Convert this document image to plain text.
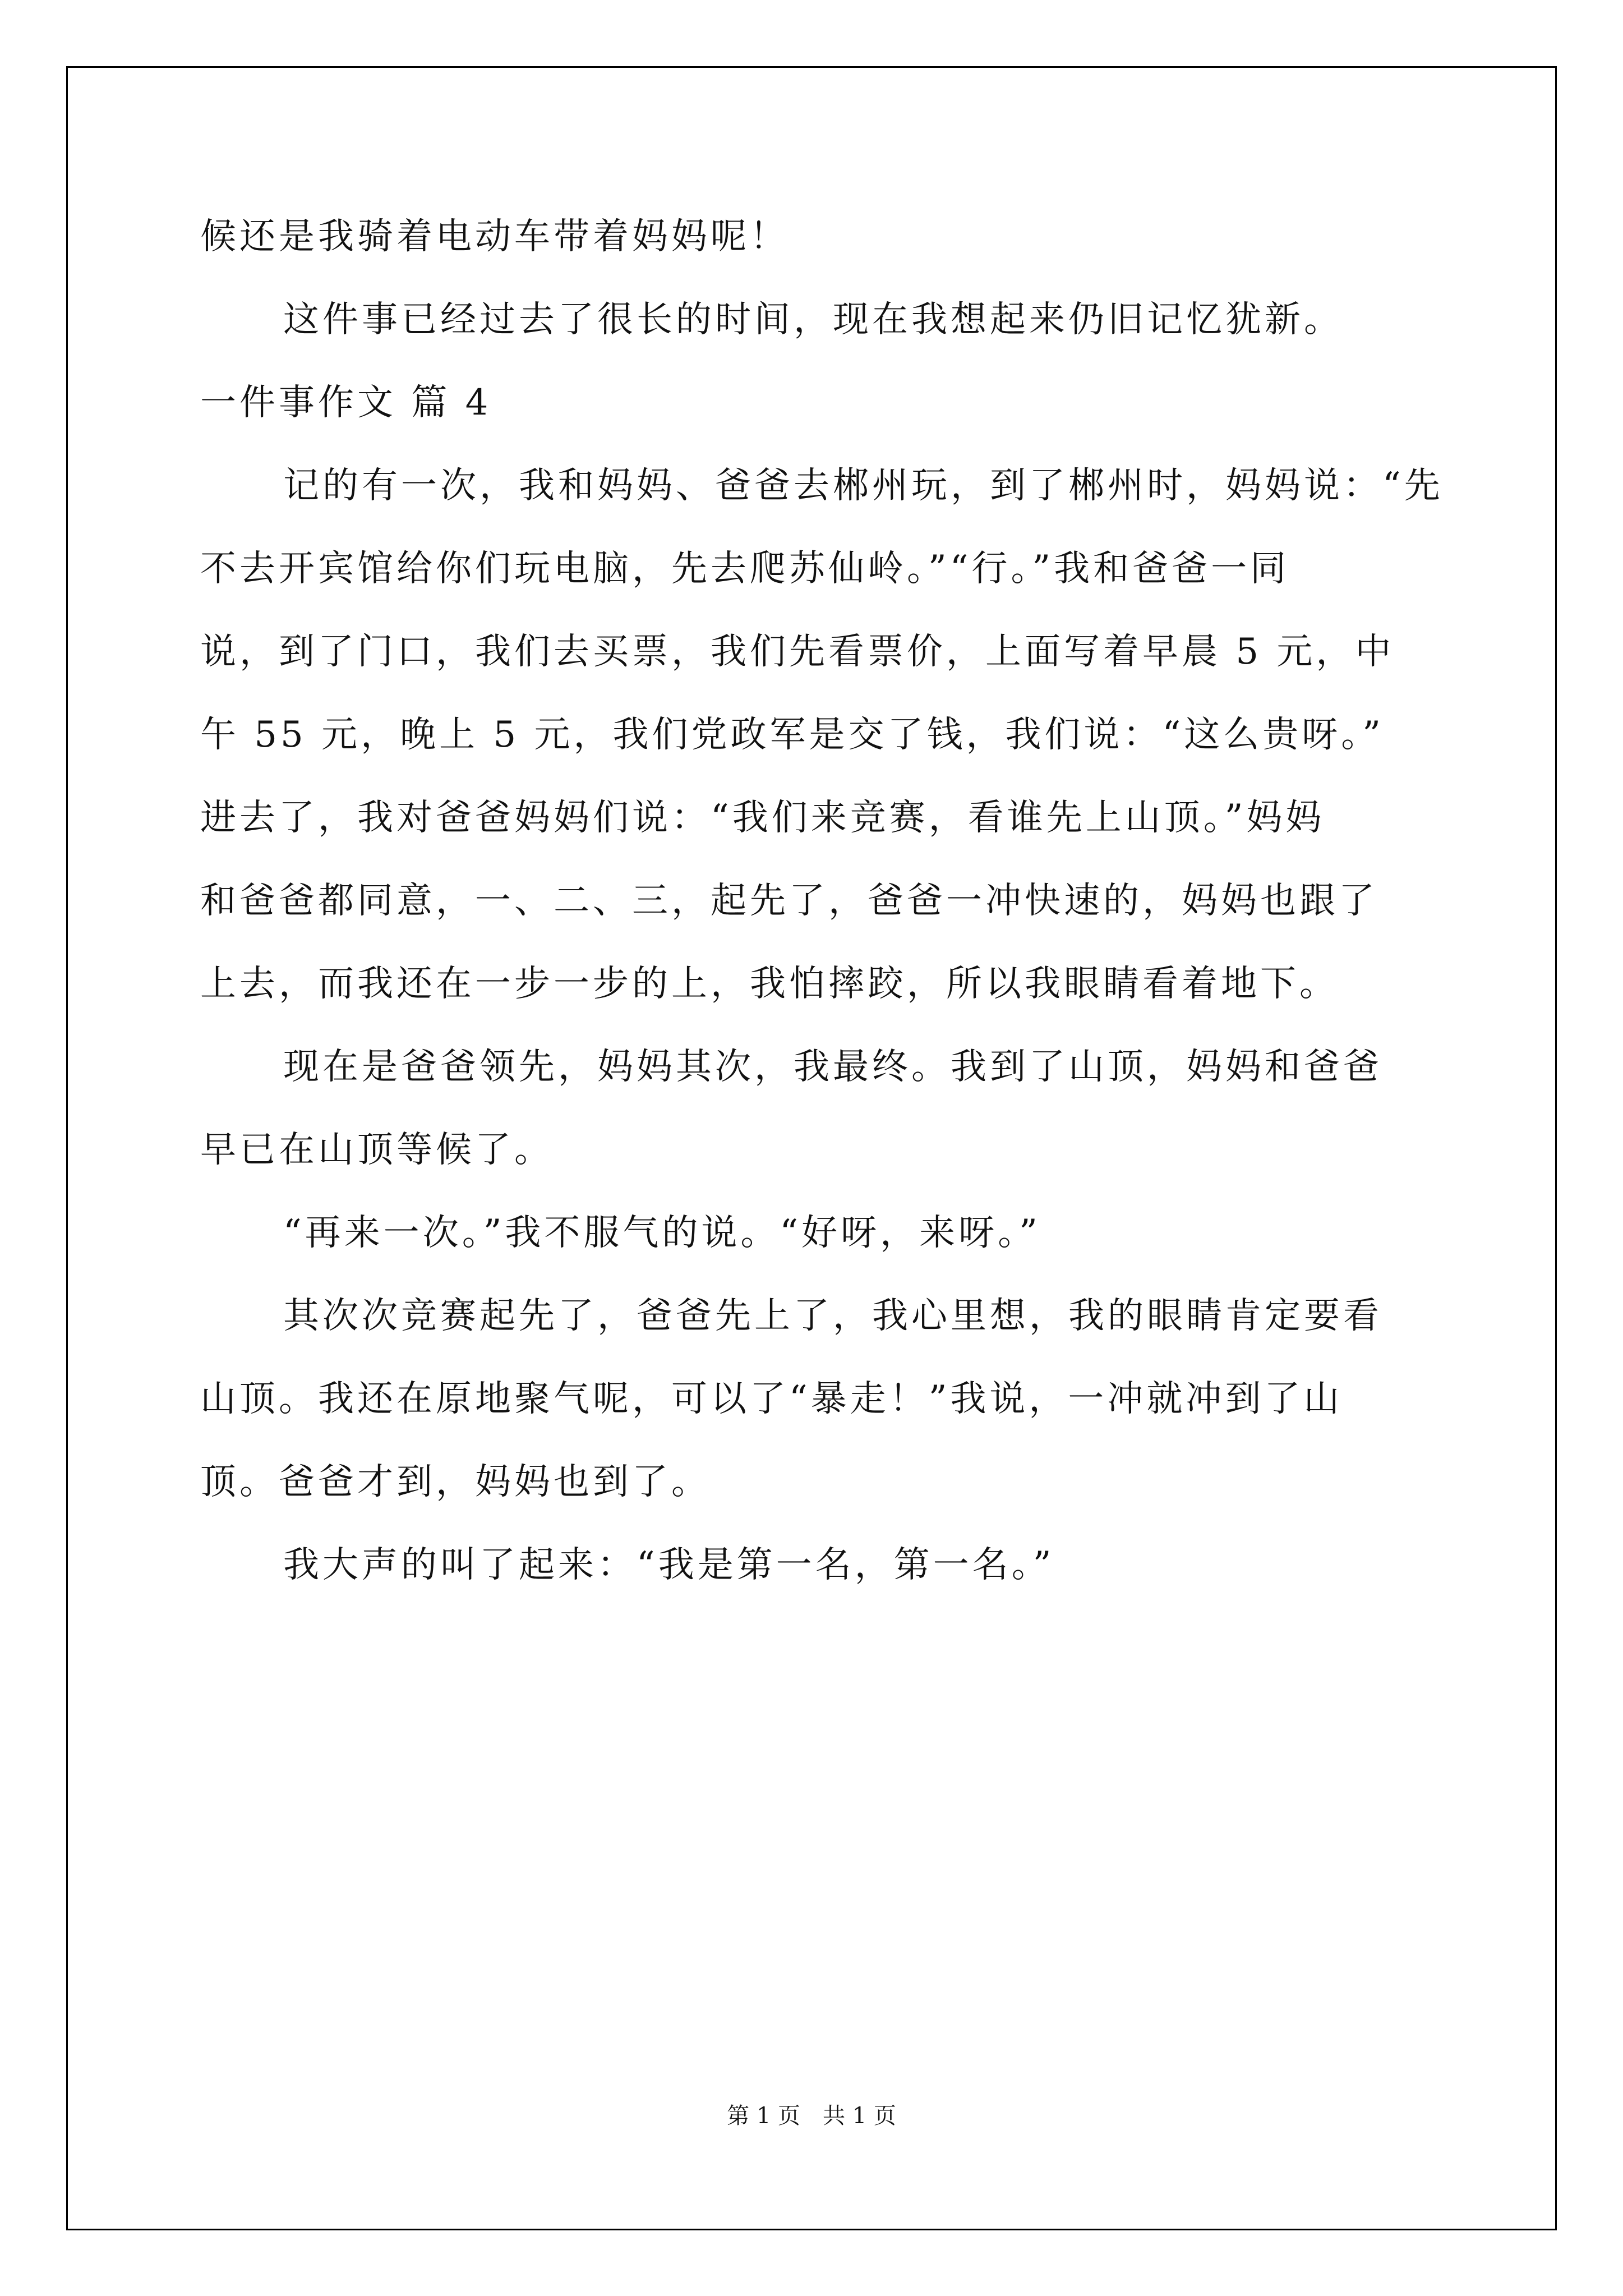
候还是我骑着电动车带着妈妈呢！
这件事已经过去了很长的时间，现在我想起来仍旧记忆犹新。
一件事作文 篇 4
记的有一次，我和妈妈、爸爸去郴州玩，到了郴州时，妈妈说：“先
不去开宾馆给你们玩电脑，先去爬苏仙岭。”“行。”我和爸爸一同
说，到了门口，我们去买票，我们先看票价，上面写着早晨 5 元，中
午 55 元，晚上 5 元，我们党政军是交了钱，我们说：“这么贵呀。”
进去了，我对爸爸妈妈们说：“我们来竞赛，看谁先上山顶。”妈妈
和爸爸都同意，一、二、三，起先了，爸爸一冲快速的，妈妈也跟了
上去，而我还在一步一步的上，我怕摔跤，所以我眼睛看着地下。
现在是爸爸领先，妈妈其次，我最终。我到了山顶，妈妈和爸爸
早已在山顶等候了。
“再来一次。”我不服气的说。“好呀，来呀。”
其次次竞赛起先了，爸爸先上了，我心里想，我的眼睛肯定要看
山顶。我还在原地聚气呢，可以了“暴走！”我说，一冲就冲到了山
顶。爸爸才到，妈妈也到了。
我大声的叫了起来：“我是第一名，第一名。”
第 1 页　共 1 页
